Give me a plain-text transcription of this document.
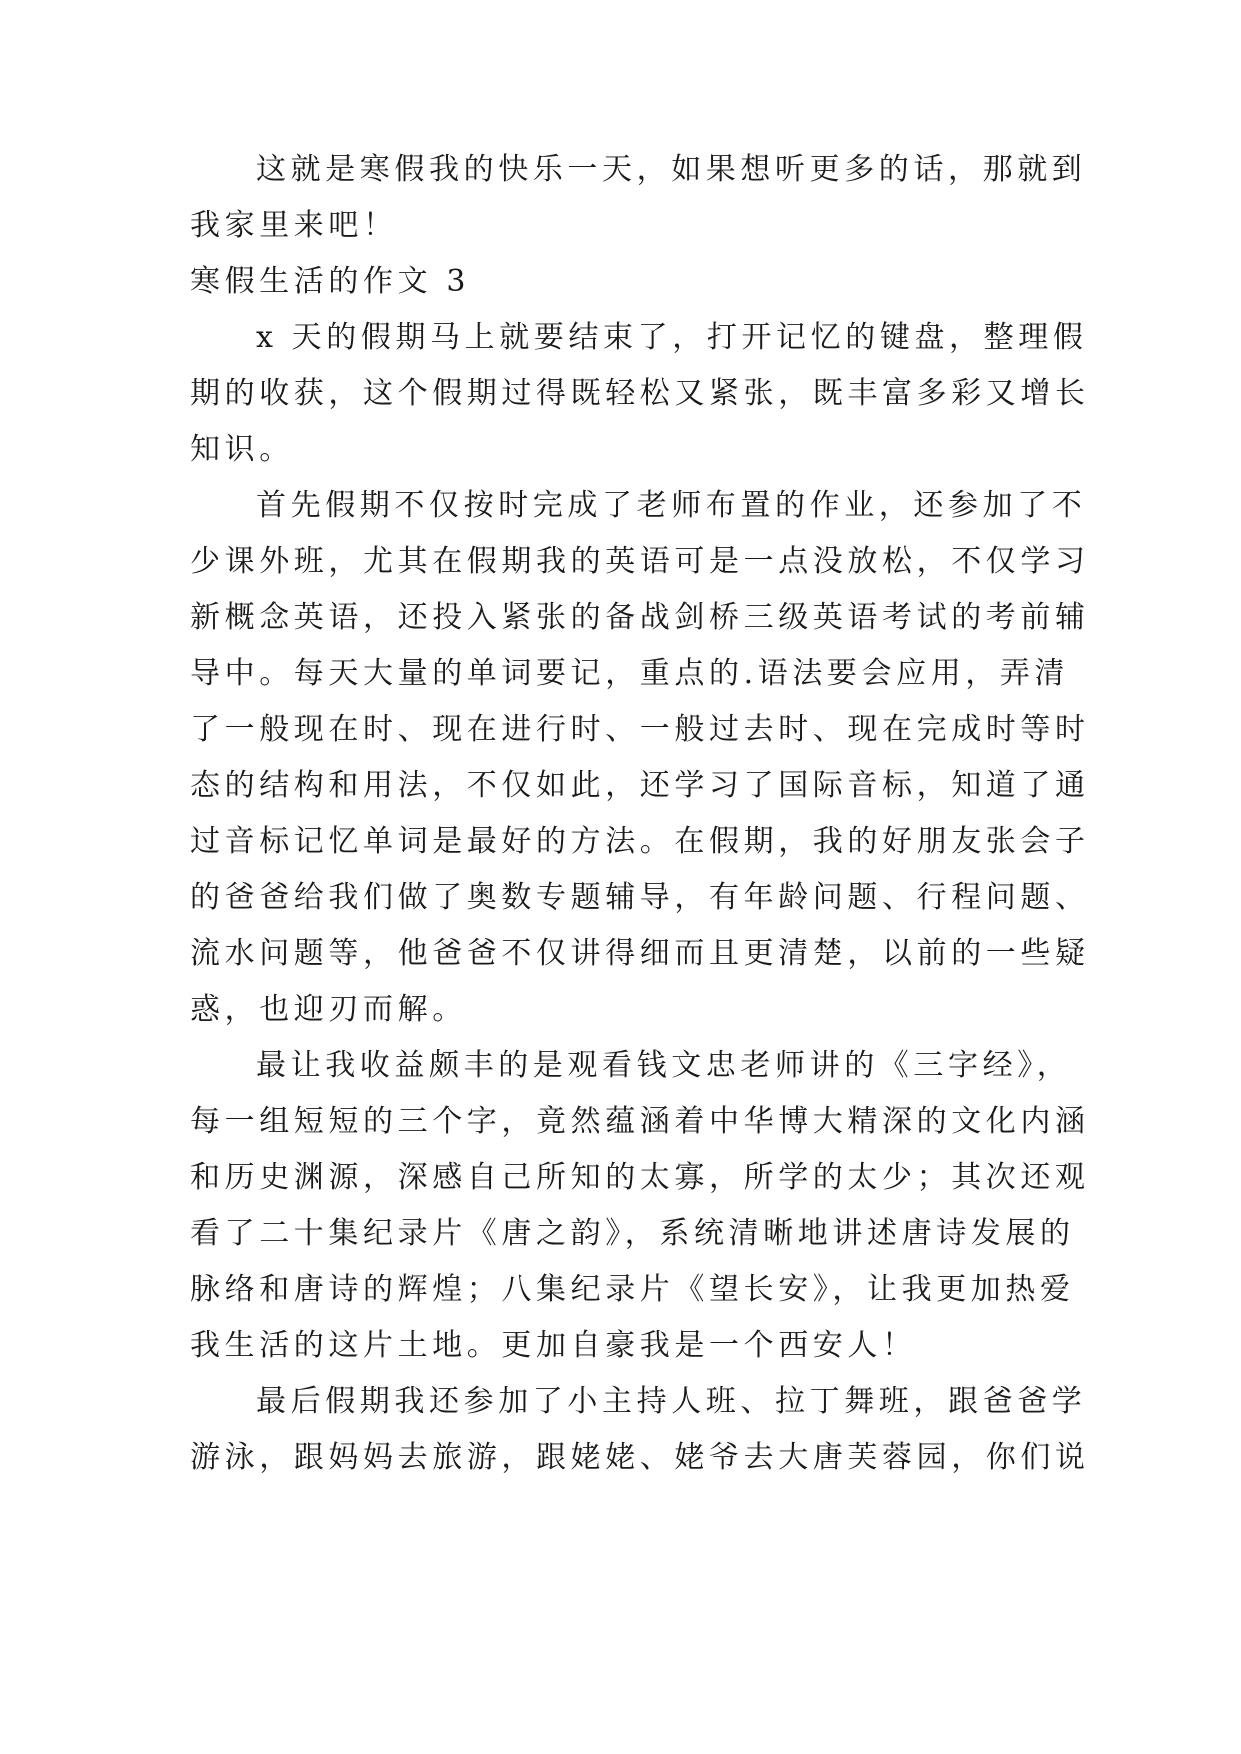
这就是寒假我的快乐一天，如果想听更多的话，那就到
我家里来吧！
寒假生活的作文 3
x 天的假期马上就要结束了，打开记忆的键盘，整理假
期的收获，这个假期过得既轻松又紧张，既丰富多彩又增长
知识。
首先假期不仅按时完成了老师布置的作业，还参加了不
少课外班，尤其在假期我的英语可是一点没放松，不仅学习
新概念英语，还投入紧张的备战剑桥三级英语考试的考前辅
导中。每天大量的单词要记，重点的.语法要会应用，弄清
了一般现在时、现在进行时、一般过去时、现在完成时等时
态的结构和用法，不仅如此，还学习了国际音标，知道了通
过音标记忆单词是最好的方法。在假期，我的好朋友张会子
的爸爸给我们做了奥数专题辅导，有年龄问题、行程问题、
流水问题等，他爸爸不仅讲得细而且更清楚，以前的一些疑
惑，也迎刃而解。
最让我收益颇丰的是观看钱文忠老师讲的《三字经》，
每一组短短的三个字，竟然蕴涵着中华博大精深的文化内涵
和历史渊源，深感自己所知的太寡，所学的太少；其次还观
看了二十集纪录片《唐之韵》，系统清晰地讲述唐诗发展的
脉络和唐诗的辉煌；八集纪录片《望长安》，让我更加热爱
我生活的这片土地。更加自豪我是一个西安人！
最后假期我还参加了小主持人班、拉丁舞班，跟爸爸学
游泳，跟妈妈去旅游，跟姥姥、姥爷去大唐芙蓉园，你们说
